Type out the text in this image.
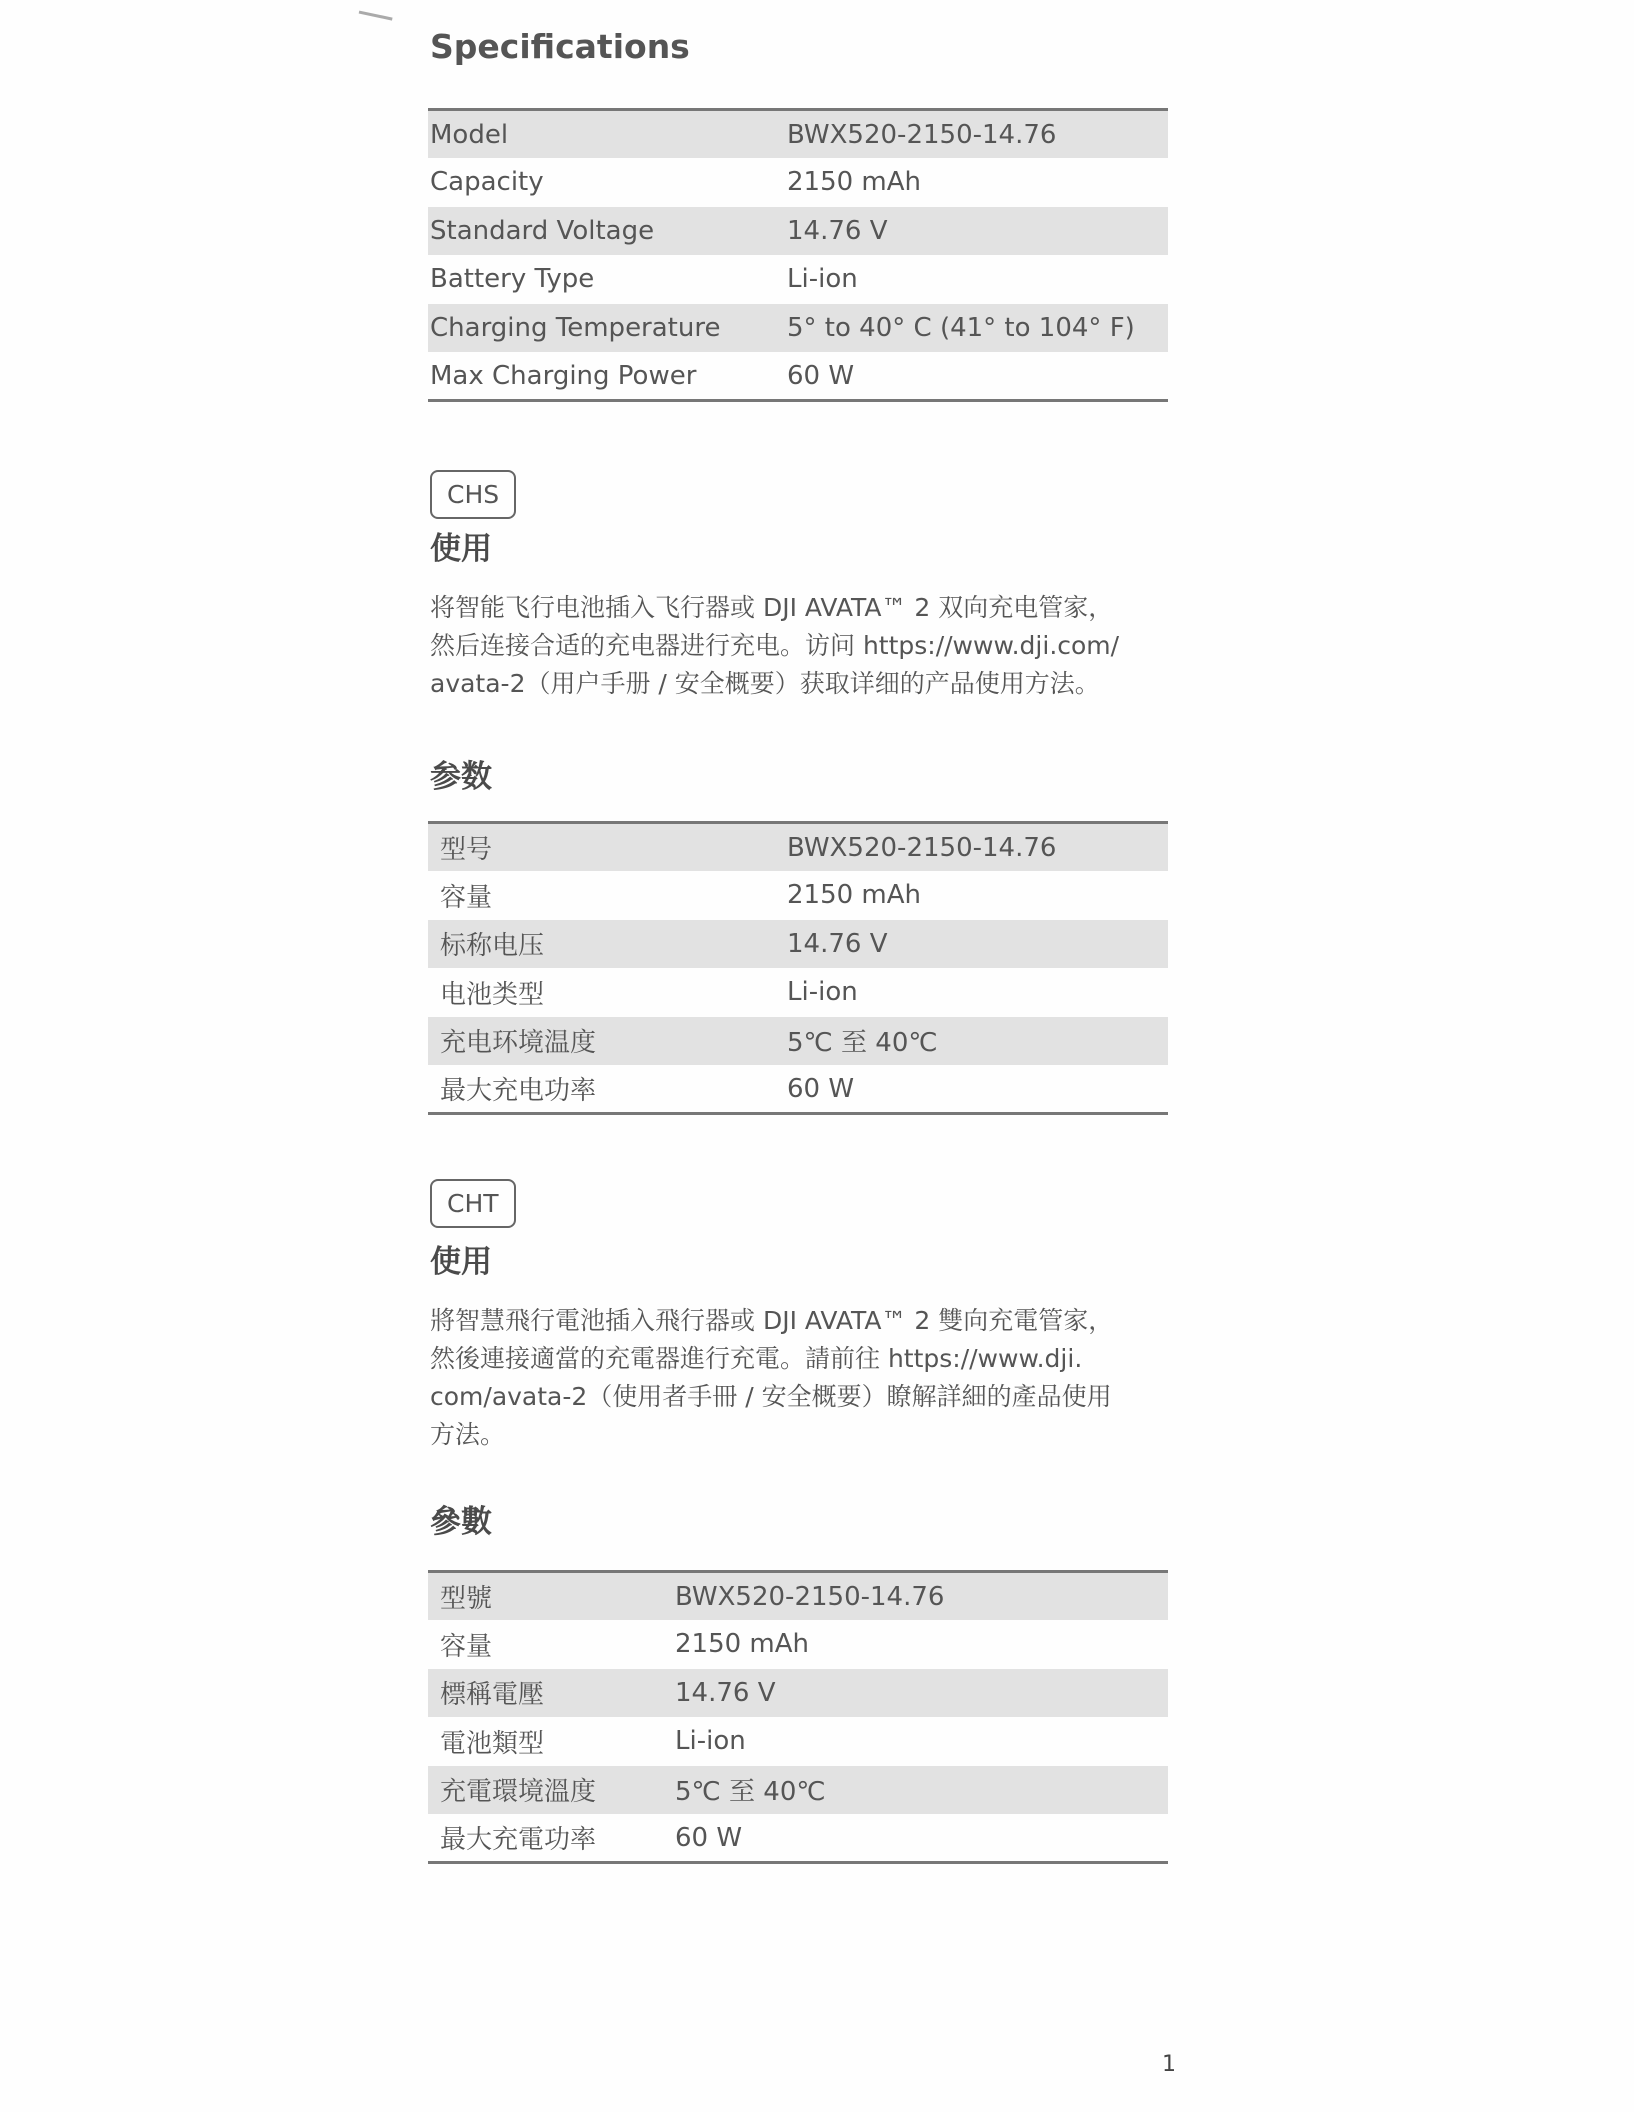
Specifications
Model	BWX520-2150-14.76
Capacity	2150 mAh
Standard Voltage	14.76 V
Battery Type	Li-ion
Charging Temperature	5° to 40° C (41° to 104° F)
Max Charging Power	60 W
CHS
使用
将智能飞行电池插入飞行器或 DJI AVATA™ 2 双向充电管家，
然后连接合适的充电器进行充电。访问 https://www.dji.com/
avata-2（用户手册 / 安全概要）获取详细的产品使用方法。
参数
型号	BWX520-2150-14.76
容量	2150 mAh
标称电压	14.76 V
电池类型	Li-ion
充电环境温度	5℃ 至 40℃
最大充电功率	60 W
CHT
使用
將智慧飛行電池插入飛行器或 DJI AVATA™ 2 雙向充電管家，
然後連接適當的充電器進行充電。請前往 https://www.dji.
com/avata-2（使用者手冊 / 安全概要）瞭解詳細的產品使用
方法。
參數
型號	BWX520-2150-14.76
容量	2150 mAh
標稱電壓	14.76 V
電池類型	Li-ion
充電環境溫度	5℃ 至 40℃
最大充電功率	60 W
1
